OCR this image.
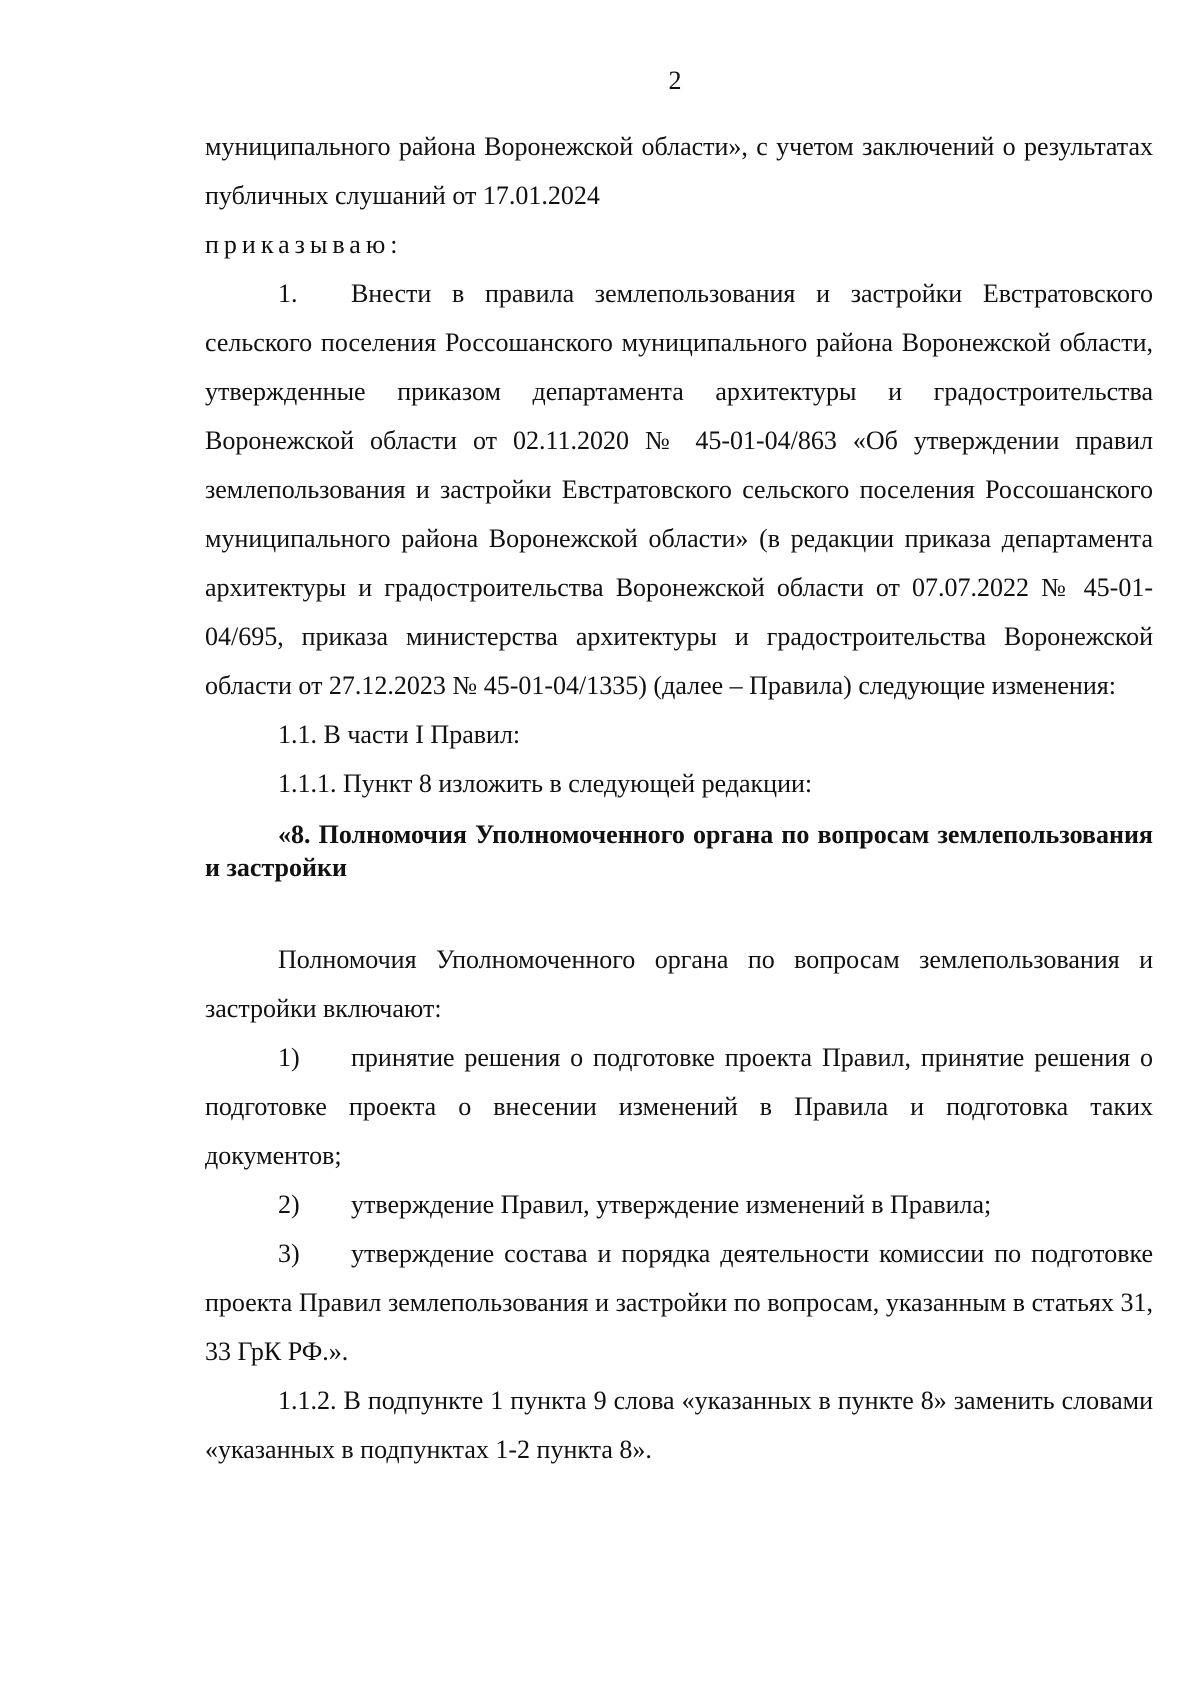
2

муниципального района Воронежской области», с учетом заключений о результатах публичных слушаний от 17.01.2024

приказываю:

1. Внести в правила землепользования и застройки Евстратовского сельского поселения Россошанского муниципального района Воронежской области, утвержденные приказом департамента архитектуры и градостроительства Воронежской области от 02.11.2020 № 45-01-04/863 «Об утверждении правил землепользования и застройки Евстратовского сельского поселения Россошанского муниципального района Воронежской области» (в редакции приказа департамента архитектуры и градостроительства Воронежской области от 07.07.2022 № 45-01-04/695, приказа министерства архитектуры и градостроительства Воронежской области от 27.12.2023 № 45-01-04/1335) (далее – Правила) следующие изменения:

1.1. В части I Правил:

1.1.1. Пункт 8 изложить в следующей редакции:

«8. Полномочия Уполномоченного органа по вопросам землепользования и застройки

Полномочия Уполномоченного органа по вопросам землепользования и застройки включают:

1) принятие решения о подготовке проекта Правил, принятие решения о подготовке проекта о внесении изменений в Правила и подготовка таких документов;

2) утверждение Правил, утверждение изменений в Правила;

3) утверждение состава и порядка деятельности комиссии по подготовке проекта Правил землепользования и застройки по вопросам, указанным в статьях 31, 33 ГрК РФ.».

1.1.2. В подпункте 1 пункта 9 слова «указанных в пункте 8» заменить словами «указанных в подпунктах 1-2 пункта 8».
